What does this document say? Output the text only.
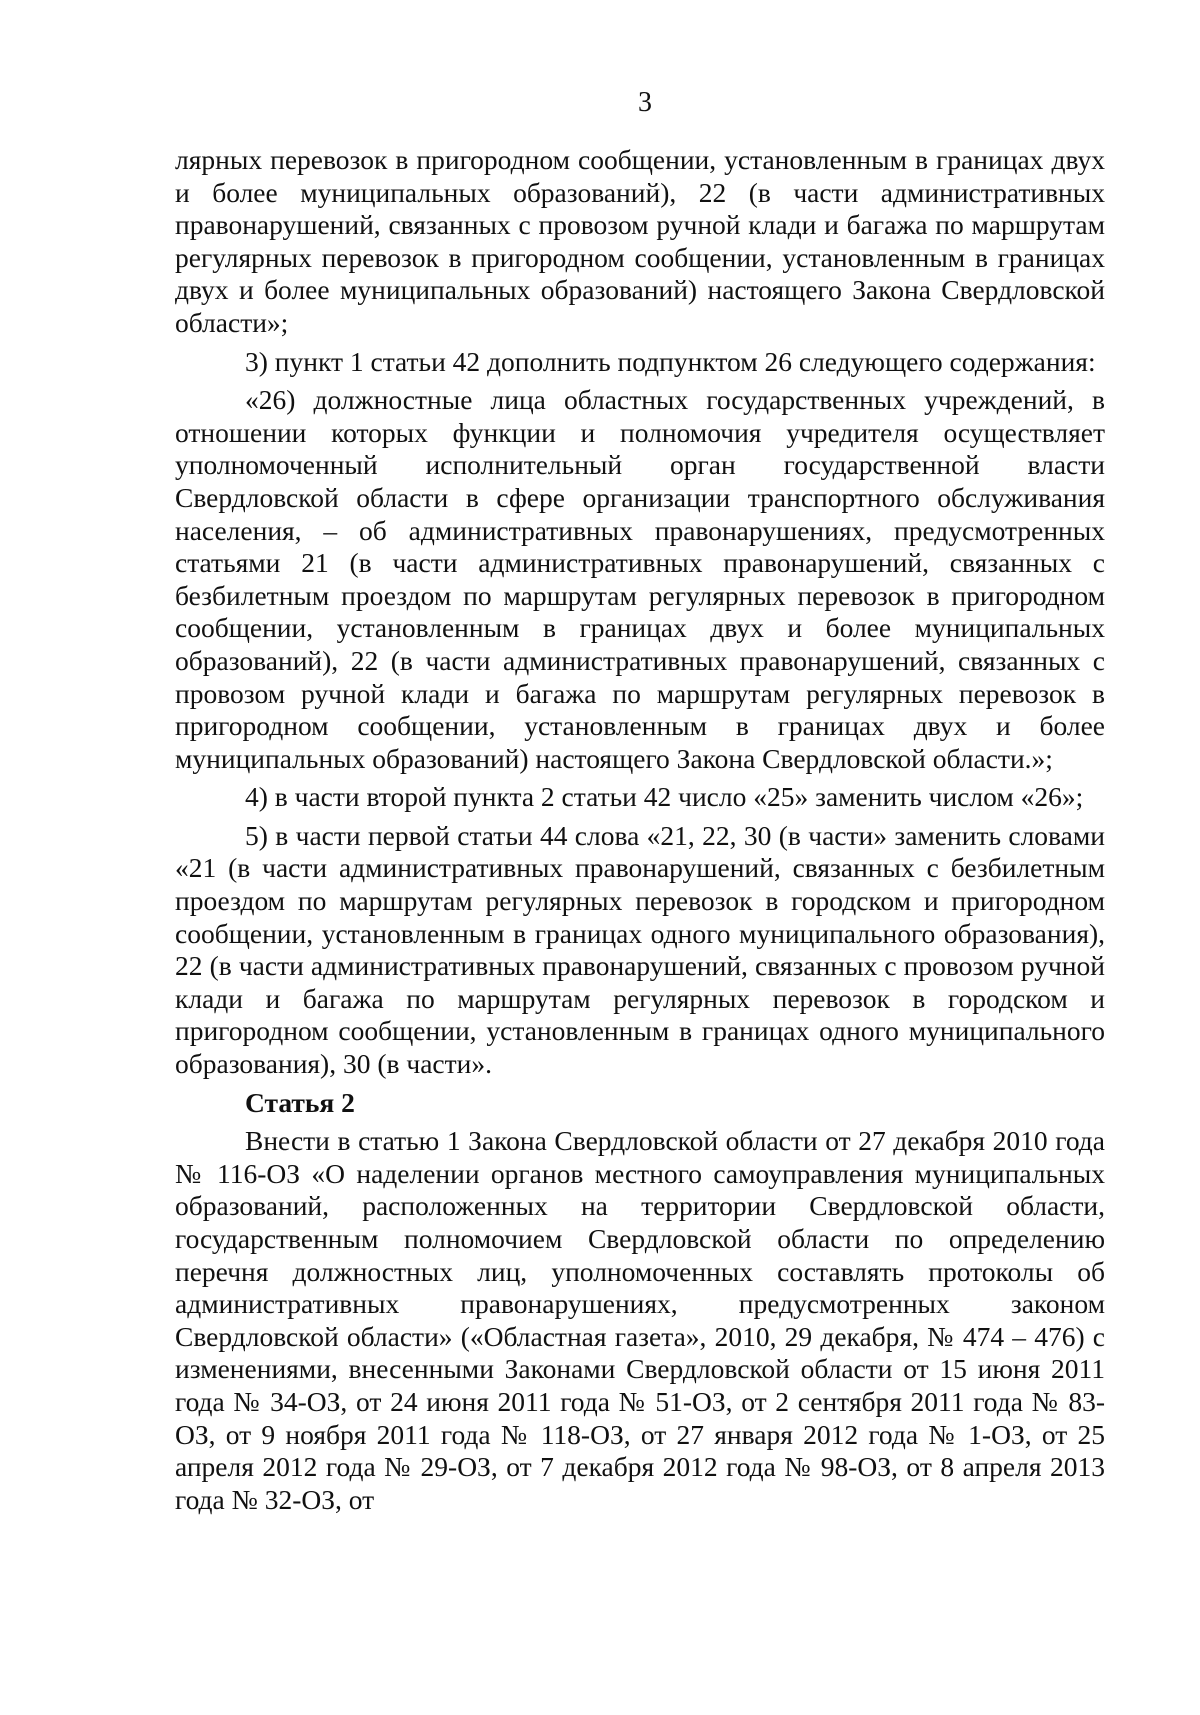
3

лярных перевозок в пригородном сообщении, установленным в границах двух и более муниципальных образований), 22 (в части административных правонарушений, связанных с провозом ручной клади и багажа по маршрутам регулярных перевозок в пригородном сообщении, установленным в границах двух и более муниципальных образований) настоящего Закона Свердловской области»;

3) пункт 1 статьи 42 дополнить подпунктом 26 следующего содержания:

«26) должностные лица областных государственных учреждений, в отношении которых функции и полномочия учредителя осуществляет уполномоченный исполнительный орган государственной власти Свердловской области в сфере организации транспортного обслуживания населения, – об административных правонарушениях, предусмотренных статьями 21 (в части административных правонарушений, связанных с безбилетным проездом по маршрутам регулярных перевозок в пригородном сообщении, установленным в границах двух и более муниципальных образований), 22 (в части административных правонарушений, связанных с провозом ручной клади и багажа по маршрутам регулярных перевозок в пригородном сообщении, установленным в границах двух и более муниципальных образований) настоящего Закона Свердловской области.»;

4) в части второй пункта 2 статьи 42 число «25» заменить числом «26»;

5) в части первой статьи 44 слова «21, 22, 30 (в части» заменить словами «21 (в части административных правонарушений, связанных с безбилетным проездом по маршрутам регулярных перевозок в городском и пригородном сообщении, установленным в границах одного муниципального образования), 22 (в части административных правонарушений, связанных с провозом ручной клади и багажа по маршрутам регулярных перевозок в городском и пригородном сообщении, установленным в границах одного муниципального образования), 30 (в части».

Статья 2

Внести в статью 1 Закона Свердловской области от 27 декабря 2010 года № 116-ОЗ «О наделении органов местного самоуправления муниципальных образований, расположенных на территории Свердловской области, государственным полномочием Свердловской области по определению перечня должностных лиц, уполномоченных составлять протоколы об административных правонарушениях, предусмотренных законом Свердловской области» («Областная газета», 2010, 29 декабря, № 474 – 476) с изменениями, внесенными Законами Свердловской области от 15 июня 2011 года № 34-ОЗ, от 24 июня 2011 года № 51-ОЗ, от 2 сентября 2011 года № 83-ОЗ, от 9 ноября 2011 года № 118-ОЗ, от 27 января 2012 года № 1-ОЗ, от 25 апреля 2012 года № 29-ОЗ, от 7 декабря 2012 года № 98-ОЗ, от 8 апреля 2013 года № 32-ОЗ, от
